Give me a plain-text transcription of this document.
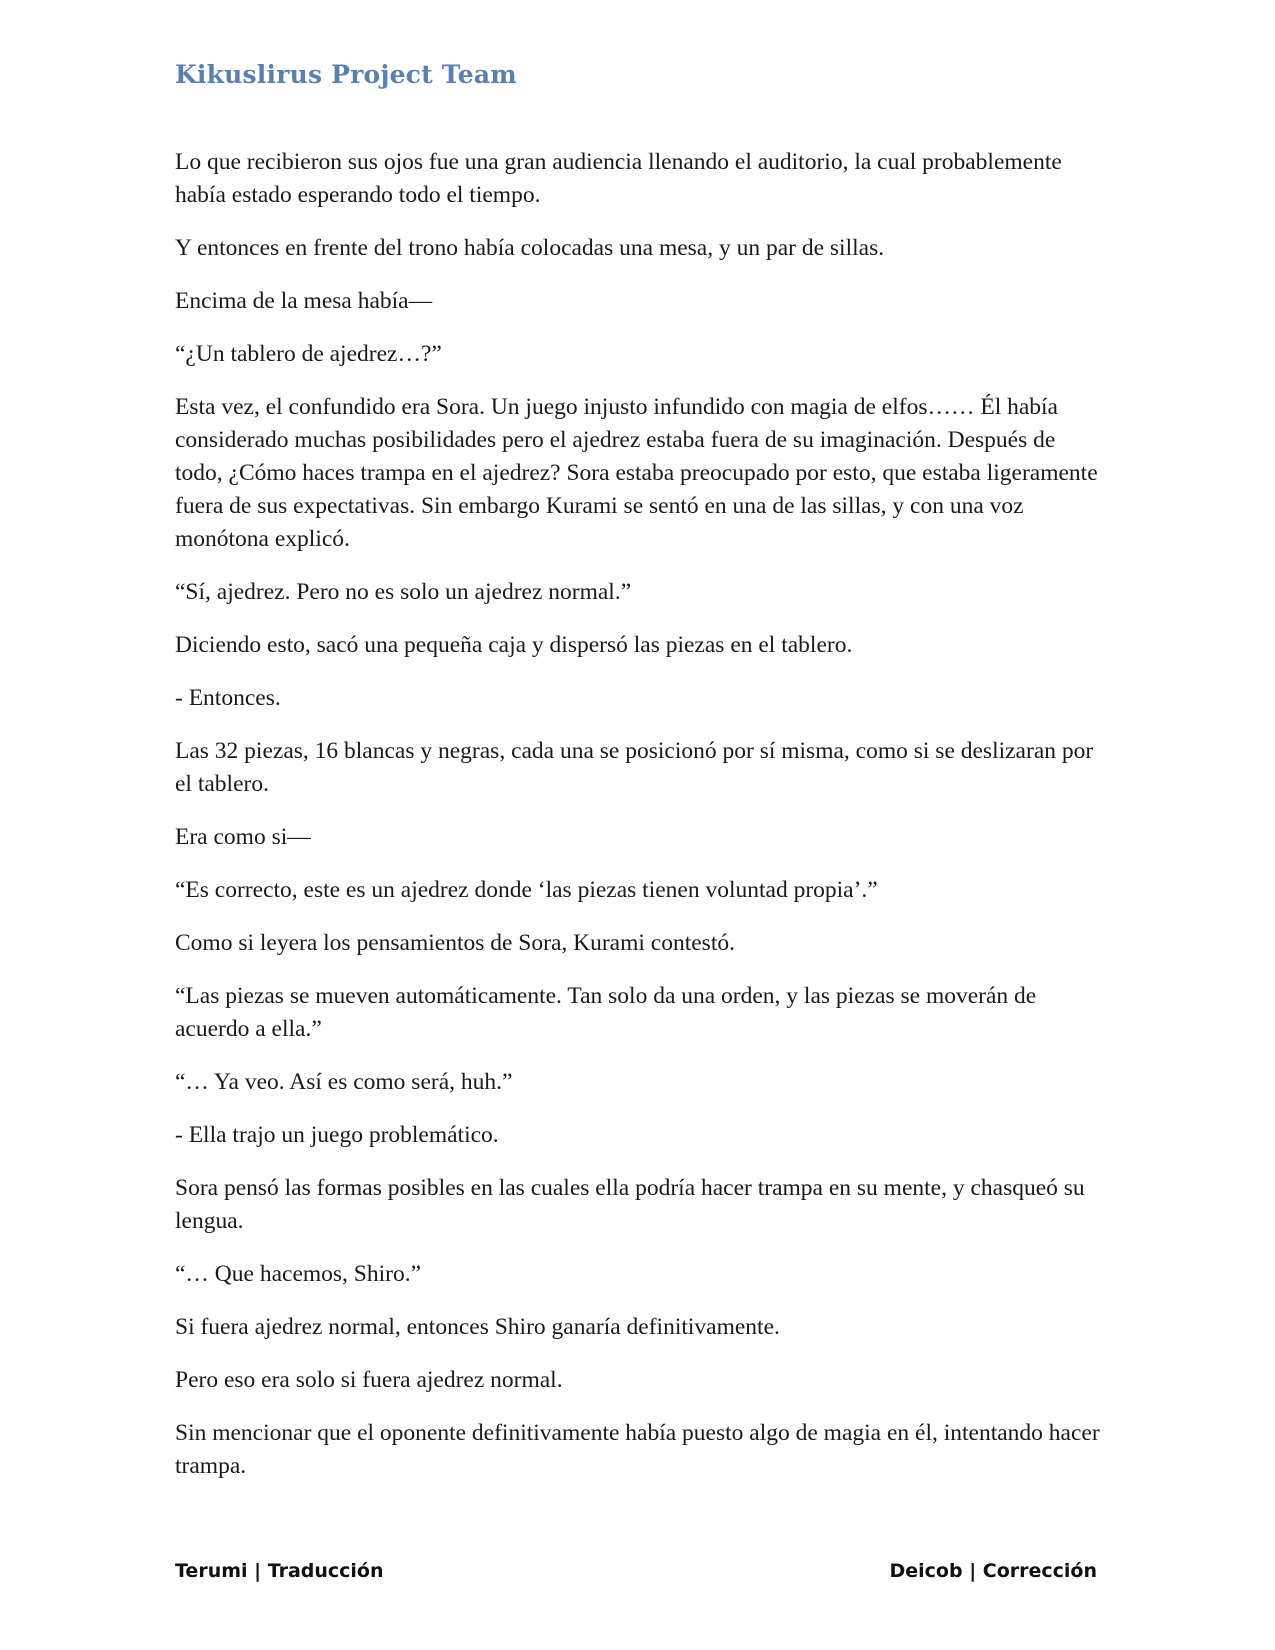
Kikuslirus Project Team

Lo que recibieron sus ojos fue una gran audiencia llenando el auditorio, la cual probablemente había estado esperando todo el tiempo.

Y entonces en frente del trono había colocadas una mesa, y un par de sillas.

Encima de la mesa había—

“¿Un tablero de ajedrez…?”

Esta vez, el confundido era Sora. Un juego injusto infundido con magia de elfos…… Él había considerado muchas posibilidades pero el ajedrez estaba fuera de su imaginación. Después de todo, ¿Cómo haces trampa en el ajedrez? Sora estaba preocupado por esto, que estaba ligeramente fuera de sus expectativas. Sin embargo Kurami se sentó en una de las sillas, y con una voz monótona explicó.

“Sí, ajedrez. Pero no es solo un ajedrez normal.”

Diciendo esto, sacó una pequeña caja y dispersó las piezas en el tablero.

- Entonces.

Las 32 piezas, 16 blancas y negras, cada una se posicionó por sí misma, como si se deslizaran por el tablero.

Era como si—

“Es correcto, este es un ajedrez donde ‘las piezas tienen voluntad propia’.”

Como si leyera los pensamientos de Sora, Kurami contestó.

“Las piezas se mueven automáticamente. Tan solo da una orden, y las piezas se moverán de acuerdo a ella.”

“… Ya veo. Así es como será, huh.”

- Ella trajo un juego problemático.

Sora pensó las formas posibles en las cuales ella podría hacer trampa en su mente, y chasqueó su lengua.

“… Que hacemos, Shiro.”

Si fuera ajedrez normal, entonces Shiro ganaría definitivamente.

Pero eso era solo si fuera ajedrez normal.

Sin mencionar que el oponente definitivamente había puesto algo de magia en él, intentando hacer trampa.

Terumi | Traducción	Deicob | Corrección
